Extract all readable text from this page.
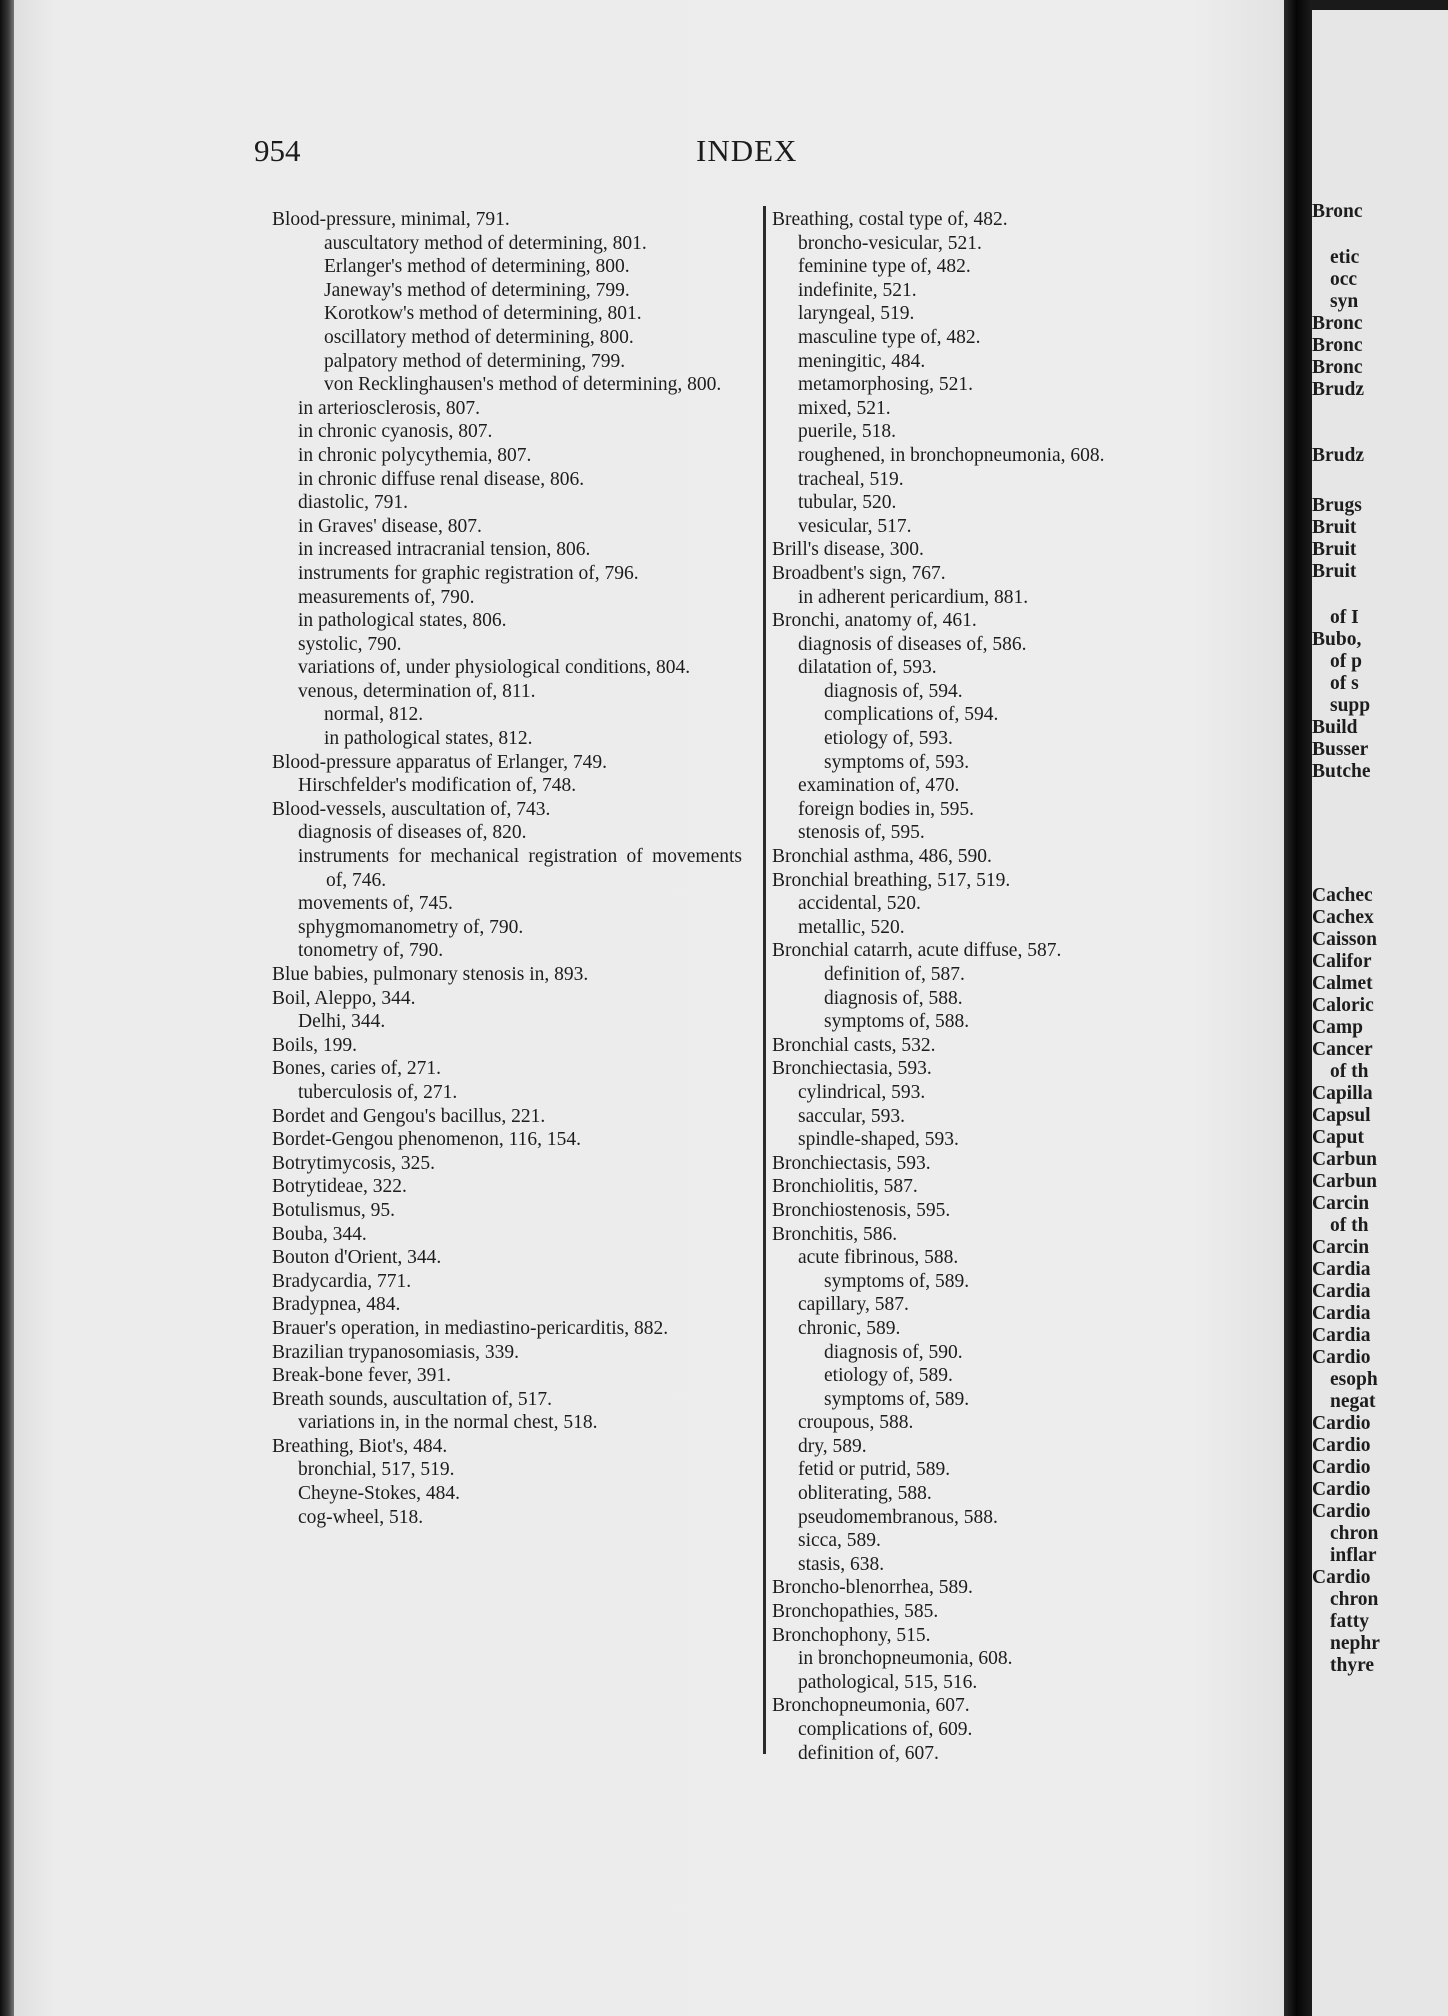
954	INDEX

Blood-pressure, minimal, 791.

auscultatory method of determining, 801.

Erlanger's method of determining, 800.

Janeway's method of determining, 799.

Korotkow's method of determining, 801.

oscillatory method of determining, 800.

palpatory method of determining, 799.

von Recklinghausen's method of determining, 800.

in arteriosclerosis, 807.

in chronic cyanosis, 807.

in chronic polycythemia, 807.

in chronic diffuse renal disease, 806.

diastolic, 791.

in Graves' disease, 807.

in increased intracranial tension, 806.

instruments for graphic registration of, 796.

measurements of, 790.

in pathological states, 806.

systolic, 790.

variations of, under physiological conditions, 804.

venous, determination of, 811.

normal, 812.

in pathological states, 812.

Blood-pressure apparatus of Erlanger, 749.

Hirschfelder's modification of, 748.

Blood-vessels, auscultation of, 743.

diagnosis of diseases of, 820.

instruments for mechanical registration of movements of, 746.

movements of, 745.

sphygmomanometry of, 790.

tonometry of, 790.

Blue babies, pulmonary stenosis in, 893.

Boil, Aleppo, 344.

Delhi, 344.

Boils, 199.

Bones, caries of, 271.

tuberculosis of, 271.

Bordet and Gengou's bacillus, 221.

Bordet-Gengou phenomenon, 116, 154.

Botrytimycosis, 325.

Botrytideae, 322.

Botulismus, 95.

Bouba, 344.

Bouton d'Orient, 344.

Bradycardia, 771.

Bradypnea, 484.

Brauer's operation, in mediastino-pericarditis, 882.

Brazilian trypanosomiasis, 339.

Break-bone fever, 391.

Breath sounds, auscultation of, 517.

variations in, in the normal chest, 518.

Breathing, Biot's, 484.

bronchial, 517, 519.

Cheyne-Stokes, 484.

cog-wheel, 518.

Breathing, costal type of, 482.

broncho-vesicular, 521.

feminine type of, 482.

indefinite, 521.

laryngeal, 519.

masculine type of, 482.

meningitic, 484.

metamorphosing, 521.

mixed, 521.

puerile, 518.

roughened, in bronchopneumonia, 608.

tracheal, 519.

tubular, 520.

vesicular, 517.

Brill's disease, 300.

Broadbent's sign, 767.

in adherent pericardium, 881.

Bronchi, anatomy of, 461.

diagnosis of diseases of, 586.

dilatation of, 593.

diagnosis of, 594.

complications of, 594.

etiology of, 593.

symptoms of, 593.

examination of, 470.

foreign bodies in, 595.

stenosis of, 595.

Bronchial asthma, 486, 590.

Bronchial breathing, 517, 519.

accidental, 520.

metallic, 520.

Bronchial catarrh, acute diffuse, 587.

definition of, 587.

diagnosis of, 588.

symptoms of, 588.

Bronchial casts, 532.

Bronchiectasia, 593.

cylindrical, 593.

saccular, 593.

spindle-shaped, 593.

Bronchiectasis, 593.

Bronchiolitis, 587.

Bronchiostenosis, 595.

Bronchitis, 586.

acute fibrinous, 588.

symptoms of, 589.

capillary, 587.

chronic, 589.

diagnosis of, 590.

etiology of, 589.

symptoms of, 589.

croupous, 588.

dry, 589.

fetid or putrid, 589.

obliterating, 588.

pseudomembranous, 588.

sicca, 589.

stasis, 638.

Broncho-blenorrhea, 589.

Bronchopathies, 585.

Bronchophony, 515.

in bronchopneumonia, 608.

pathological, 515, 516.

Bronchopneumonia, 607.

complications of, 609.

definition of, 607.

Bronc
etic
occ
syn
Bronc
Bronc
Bronc
Brudz
Brudz
Brugs
Bruit
Bruit
Bruit
of I
Bubo,
of p
of s
supp
Build
Busser
Butche
Cachec
Cachex
Caisson
Califor
Calmet
Caloric
Camp
Cancer
of th
Capilla
Capsul
Caput
Carbun
Carbun
Carcin
of th
Carcin
Cardia
Cardia
Cardia
Cardia
Cardio
esoph
negat
Cardio
Cardio
Cardio
Cardio
Cardio
chron
inflar
Cardio
chron
fatty
nephr
thyre
